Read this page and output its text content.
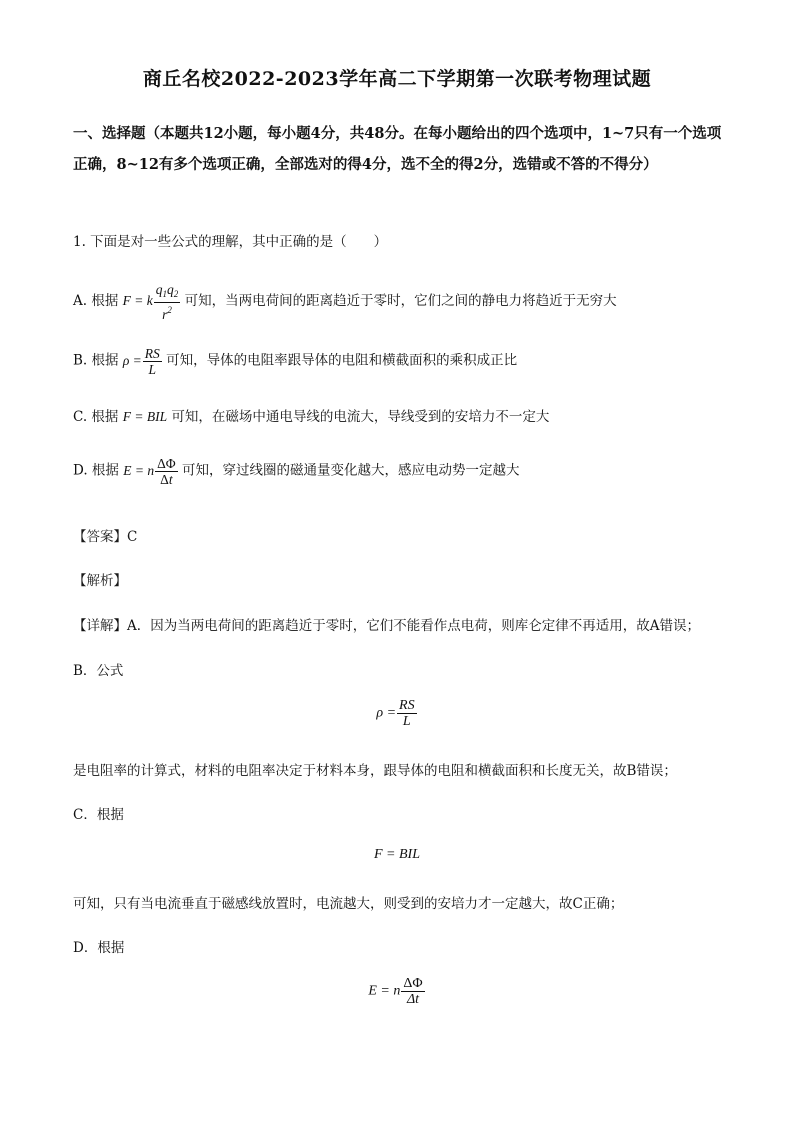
商丘名校2022-2023学年高二下学期第一次联考物理试题
一、选择题（本题共12小题，每小题4分，共48分。在每小题给出的四个选项中，1~7只有一个选项正确，8~12有多个选项正确，全部选对的得4分，选不全的得2分，选错或不答的不得分）
1. 下面是对一些公式的理解，其中正确的是（　　）
A. 根据 F = k $\frac{q_1q_2}{r^2}$ 可知，当两电荷间的距离趋近于零时，它们之间的静电力将趋近于无穷大
B. 根据 $\rho = \frac{RS}{L}$ 可知，导体的电阻率跟导体的电阻和横截面积的乘积成正比
C. 根据 F = BIL 可知，在磁场中通电导线的电流大，导线受到的安培力不一定大
D. 根据 E = n $\frac{\Delta\Phi}{\Delta t}$ 可知，穿过线圈的磁通量变化越大，感应电动势一定越大
【答案】C
【解析】
【详解】A．因为当两电荷间的距离趋近于零时，它们不能看作点电荷，则库仑定律不再适用，故A错误；
B．公式
$\rho = \frac{RS}{L}$
是电阻率的计算式，材料的电阻率决定于材料本身，跟导体的电阻和横截面积和长度无关，故B错误；
C．根据
F = BIL
可知，只有当电流垂直于磁感线放置时，电流越大，则受到的安培力才一定越大，故C正确；
D．根据
E = n $\frac{\Delta\Phi}{\Delta t}$
